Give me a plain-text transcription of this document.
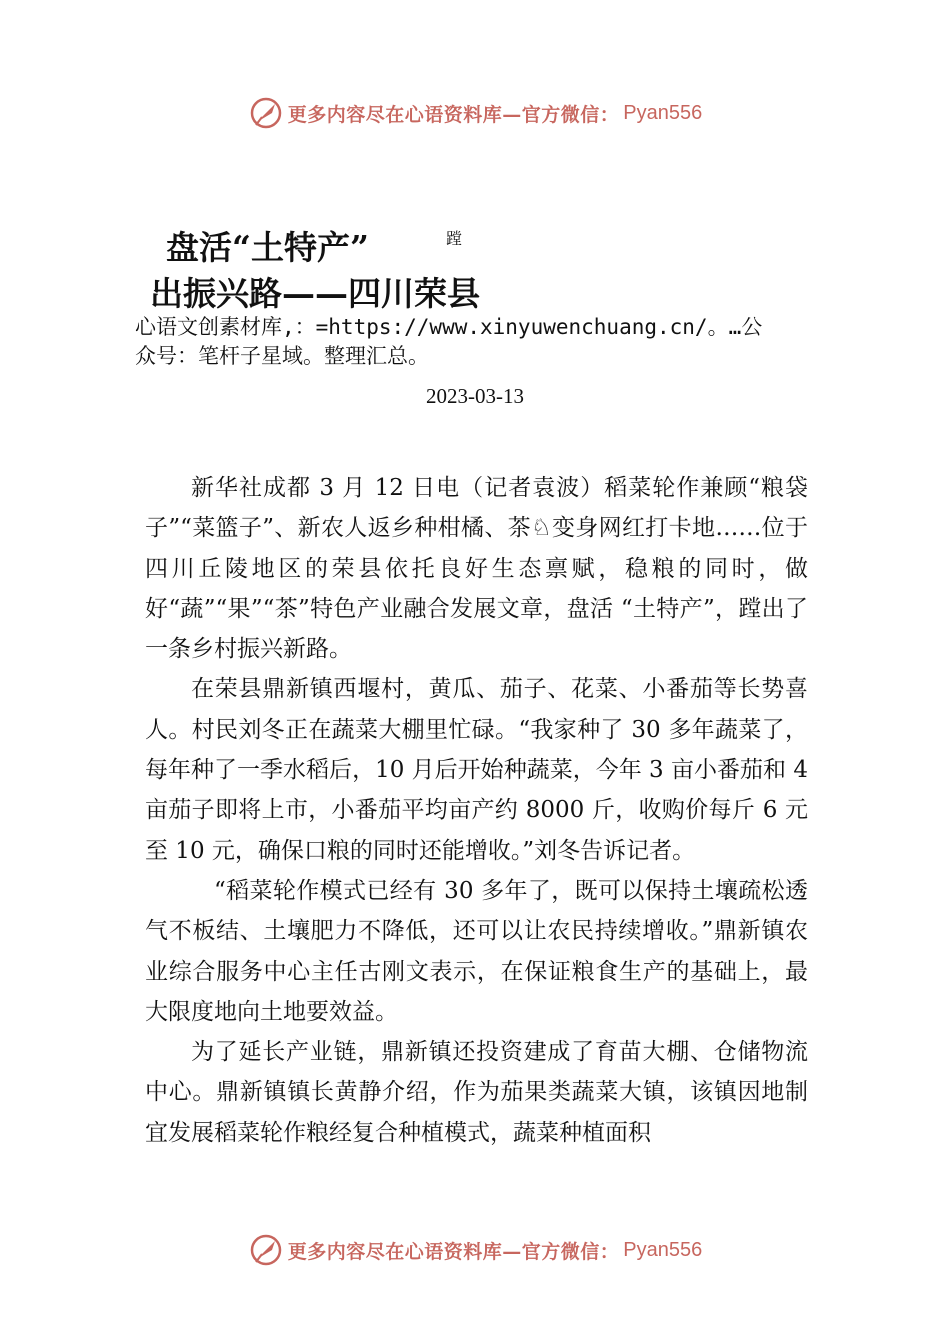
更多内容尽在心语资料库—官方微信： Pyan556
盘活“土特产”	蹚
出振兴路——四川荣县
心语文创素材库,：=https://www.xinyuwenchuang.cn/。…公
众号：笔杆子星域。整理汇总。
2023-03-13

新华社成都 3 月 12 日电（记者袁波）稻菜轮作兼顾“粮袋子”“菜篮子”、新农人返乡种柑橘、茶♘变身网红打卡地……位于四川丘陵地区的荣县依托良好生态禀赋，稳粮的同时，做好“蔬”“果”“茶”特色产业融合发展文章，盘活 “土特产”，蹚出了一条乡村振兴新路。

在荣县鼎新镇西堰村，黄瓜、茄子、花菜、小番茄等长势喜人。村民刘冬正在蔬菜大棚里忙碌。“我家种了 30 多年蔬菜了，每年种了一季水稻后，10 月后开始种蔬菜，今年 3 亩小番茄和 4 亩茄子即将上市，小番茄平均亩产约 8000 斤，收购价每斤 6 元至 10 元，确保口粮的同时还能增收。”刘冬告诉记者。

“稻菜轮作模式已经有 30 多年了，既可以保持土壤疏松透气不板结、土壤肥力不降低，还可以让农民持续增收。”鼎新镇农业综合服务中心主任古刚文表示，在保证粮食生产的基础上，最大限度地向土地要效益。

为了延长产业链，鼎新镇还投资建成了育苗大棚、仓储物流中心。鼎新镇镇长黄静介绍，作为茄果类蔬菜大镇，该镇因地制宜发展稻菜轮作粮经复合种植模式，蔬菜种植面积

更多内容尽在心语资料库—官方微信： Pyan556
